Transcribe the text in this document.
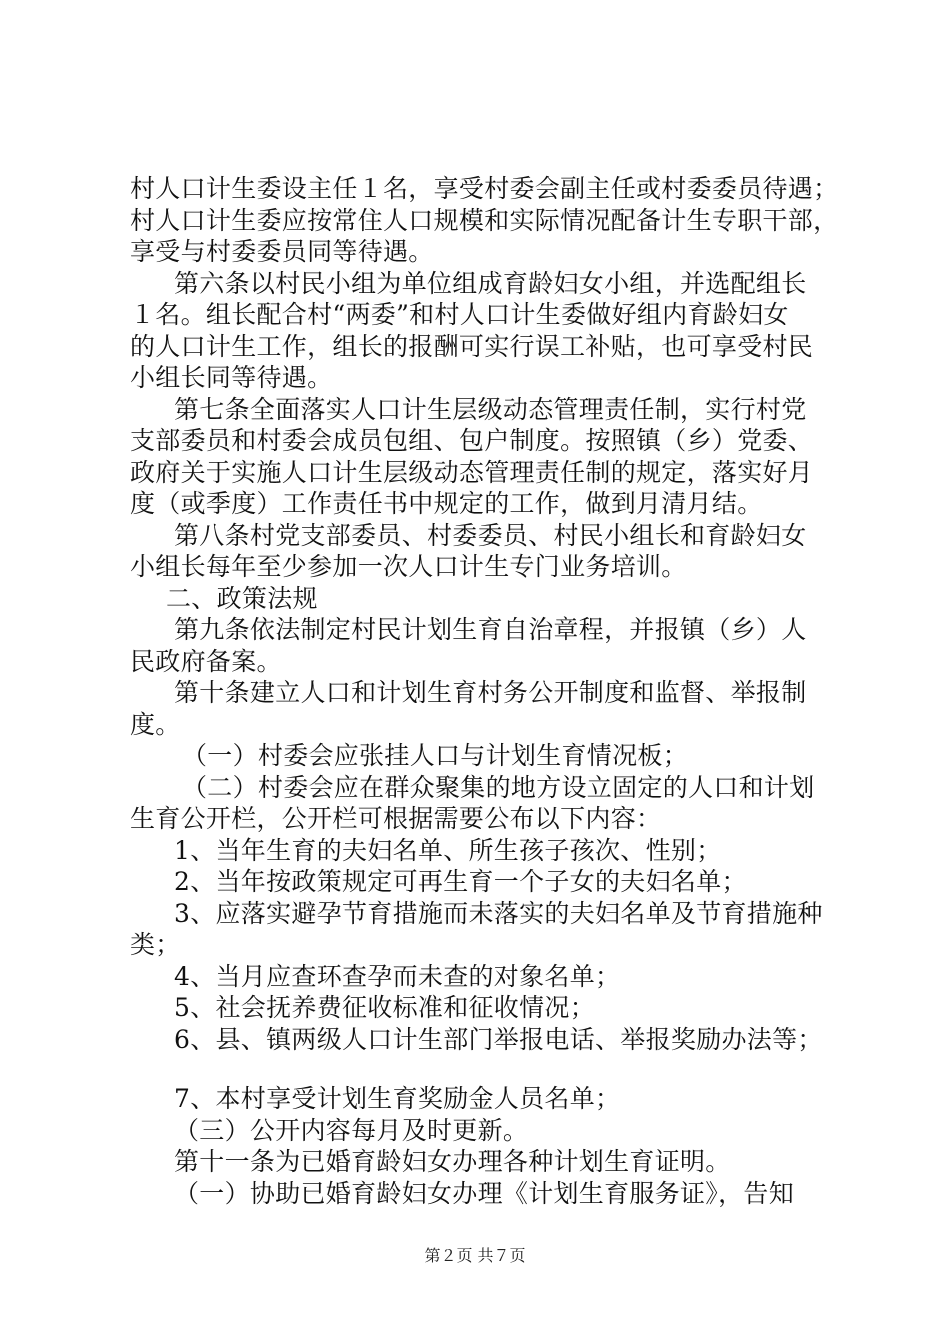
村人口计生委设主任１名，享受村委会副主任或村委委员待遇；
村人口计生委应按常住人口规模和实际情况配备计生专职干部，
享受与村委委员同等待遇。
第六条以村民小组为单位组成育龄妇女小组，并选配组长
１名。组长配合村“两委”和村人口计生委做好组内育龄妇女
的人口计生工作，组长的报酬可实行误工补贴，也可享受村民
小组长同等待遇。
第七条全面落实人口计生层级动态管理责任制，实行村党
支部委员和村委会成员包组、包户制度。按照镇（乡）党委、
政府关于实施人口计生层级动态管理责任制的规定，落实好月
度（或季度）工作责任书中规定的工作，做到月清月结。
第八条村党支部委员、村委委员、村民小组长和育龄妇女
小组长每年至少参加一次人口计生专门业务培训。
二、政策法规
第九条依法制定村民计划生育自治章程，并报镇（乡）人
民政府备案。
第十条建立人口和计划生育村务公开制度和监督、举报制
度。
（一）村委会应张挂人口与计划生育情况板；
（二）村委会应在群众聚集的地方设立固定的人口和计划
生育公开栏，公开栏可根据需要公布以下内容：
1、当年生育的夫妇名单、所生孩子孩次、性别；
2、当年按政策规定可再生育一个子女的夫妇名单；
3、应落实避孕节育措施而未落实的夫妇名单及节育措施种
类；
4、当月应查环查孕而未查的对象名单；
5、社会抚养费征收标准和征收情况；
6、县、镇两级人口计生部门举报电话、举报奖励办法等；
7、本村享受计划生育奖励金人员名单；
（三）公开内容每月及时更新。
第十一条为已婚育龄妇女办理各种计划生育证明。
（一）协助已婚育龄妇女办理《计划生育服务证》，告知
第２页 共７页
